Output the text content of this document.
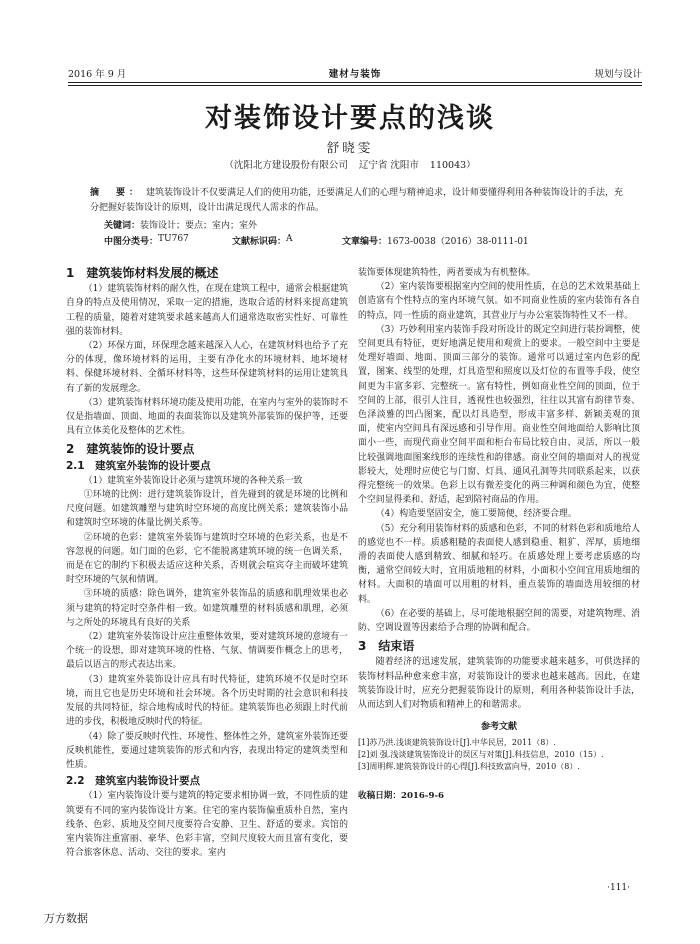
2016 年 9 月	建材与装饰	规划与设计
对装饰设计要点的浅谈
舒晓雯
（沈阳北方建设股份有限公司 辽宁省 沈阳市 110043）
摘　要： 建筑装饰设计不仅要满足人们的使用功能，还要满足人们的心理与精神追求，设计师要懂得利用各种装饰设计的手法，充分把握好装饰设计的原则，设计出满足现代人需求的作品。
关键词：装饰设计；要点；室内；室外
中图分类号： TU767	文献标识码： A	文章编号： 1673-0038（2016）38-0111-01
1　建筑装饰材料发展的概述

（1）建筑装饰材料的耐久性，在现在建筑工程中，通常会根据建筑自身的特点及使用情况，采取一定的措施，选取合适的材料来提高建筑工程的质量，随着对建筑要求越来越高人们通常选取密实性好、可靠性强的装饰材料。

（2）环保方面，环保理念越来越深入人心，在建筑材料也给予了充分的体现，像环境材料的运用，主要有净化水的环境材料、地坏境材料、保健环境材料、全循环材料等，这些环保建筑材料的运用让建筑具有了新的发展理念。

（3）建筑装饰材料环境功能及使用功能，在室内与室外的装饰时不仅是指墙面、顶面、地面的表面装饰以及建筑外部装饰的保护等，还要具有立体美化及整体的艺术性。

2　建筑装饰的设计要点
2.1　建筑室外装饰的设计要点

（1）建筑室外装饰设计必须与建筑环境的各种关系一致

①环境的比例：进行建筑装饰设计，首先碰到的就是环境的比例和尺度问题。如建筑雕塑与建筑时空环境的高度比例关系；建筑装饰小品和建筑时空环境的体量比例关系等。

②环境的色彩：建筑室外装饰与建筑时空环境的色彩关系，也是不容忽视的问题。如门面的色彩，它不能脱离建筑环境的统一色调关系，而是在它的制约下积极去适应这种关系，否则就会喧宾夺主而破坏建筑时空环境的气氛和情调。

③环境的质感：除色调外，建筑室外装饰品的质感和肌理效果也必须与建筑的特定时空条件相一致。如建筑雕塑的材料质感和肌理，必须与之所处的环境具有良好的关系

（2）建筑室外装饰设计应注重整体效果，要对建筑环境的意境有一个统一的设想，即对建筑环境的性格、气氛、情调要作概念上的思考，最后以语言的形式表达出来。

（3）建筑室外装饰设计应具有时代特征，建筑环境不仅是时空环境，而且它也是历史环境和社会环境。各个历史时期的社会意识和科技发展的共同特征，综合地构成时代的特征。建筑装饰也必须跟上时代前进的步伐，积极地反映时代的特征。

（4）除了要反映时代性、环境性、整体性之外，建筑室外装饰还要反映机能性，要通过建筑装饰的形式和内容，表现出特定的建筑类型和性质。

2.2　建筑室内装饰设计要点

（1）室内装饰设计要与建筑的特定要求相协调一致，不同性质的建筑要有不同的室内装饰设计方案。住宅的室内装饰偏重质朴自然，室内线条、色彩、质地及空间尺度要符合安静、卫生、舒适的要求。宾馆的室内装饰注重富丽、豪华、色彩丰富，空间尺度较大而且富有变化，要符合旅客休息、活动、交往的要求。室内

装饰要体现建筑特性，两者要成为有机整体。

（2）室内装饰要根据室内空间的使用性质，在总的艺术效果基础上创造富有个性特点的室内环境气氛。如不同商业性质的室内装饰有各自的特点，同一性质的商业建筑，其营业厅与办公室装饰特性又不一样。

（3）巧妙利用室内装饰手段对所设计的既定空间进行装扮调整，使空间更具有特征，更好地满足使用和观赏上的要求。一般空间中主要是处理好墙面、地面、顶面三部分的装饰。通常可以通过室内色彩的配置，图案、线型的处理，灯具造型和照度以及灯位的布置等手段，使空间更为丰富多彩、完整统一。富有特性，例如商业性空间的顶面，位于空间的上部，很引人注目，透视性也较强烈，往往以其富有韵律节奏、色泽淡雅的凹凸图案，配以灯具造型，形成丰富多样、新颖美观的顶面，使室内空间具有深远感和引导作用。商业性空间地面给人影响比顶面小一些，而现代商业空间平面和柜台布局比较自由、灵活，所以一般比较强调地面图案线形的连续性和韵律感。商业空间的墙面对人的视觉影较大，处理时应使它与门窗、灯具、通风孔洞等共同联系起来，以获得完整统一的效果。色彩上以有微差变化的两三种调和颜色为宜，使整个空间显得柔和、舒适，起到陪衬商品的作用。

（4）构造要坚固安全，施工要简便，经济要合理。

（5）充分利用装饰材料的质感和色彩，不同的材料色彩和质地给人的感觉也不一样。质感粗糙的表面使人感到稳重、粗犷、浑厚，质地细滑的表面使人感到精致、细腻和轻巧。在质感处理上要考虑质感的均衡，通常空间较大时，宜用质地粗的材料，小面积小空间宜用质地细的材料。大面积的墙面可以用粗的材料，重点装饰的墙面选用较细的材料。

（6）在必要的基础上，尽可能地根据空间的需要，对建筑物理、消防、空调设置等因素给予合理的协调和配合。

3　结束语

随着经济的迅速发展，建筑装饰的功能要求越来越多，可供选择的装饰材料品种愈来愈丰富，对装饰设计的要求也越来越高。因此，在建筑装饰设计时，应充分把握装饰设计的原则，利用各种装饰设计手法，从而达到人们对物质和精神上的和谐需求。

参考文献
[1]苏乃洪.浅谈建筑装饰设计[J].中华民居，2011（8）.
[2]刘 强.浅谈建筑装饰设计的误区与对策[J].科技信息，2010（15）.
[3]周明辉.建筑装饰设计的心得[J].科技致富向导，2010（8）.
收稿日期：2016-9-6
·111·
万方数据
